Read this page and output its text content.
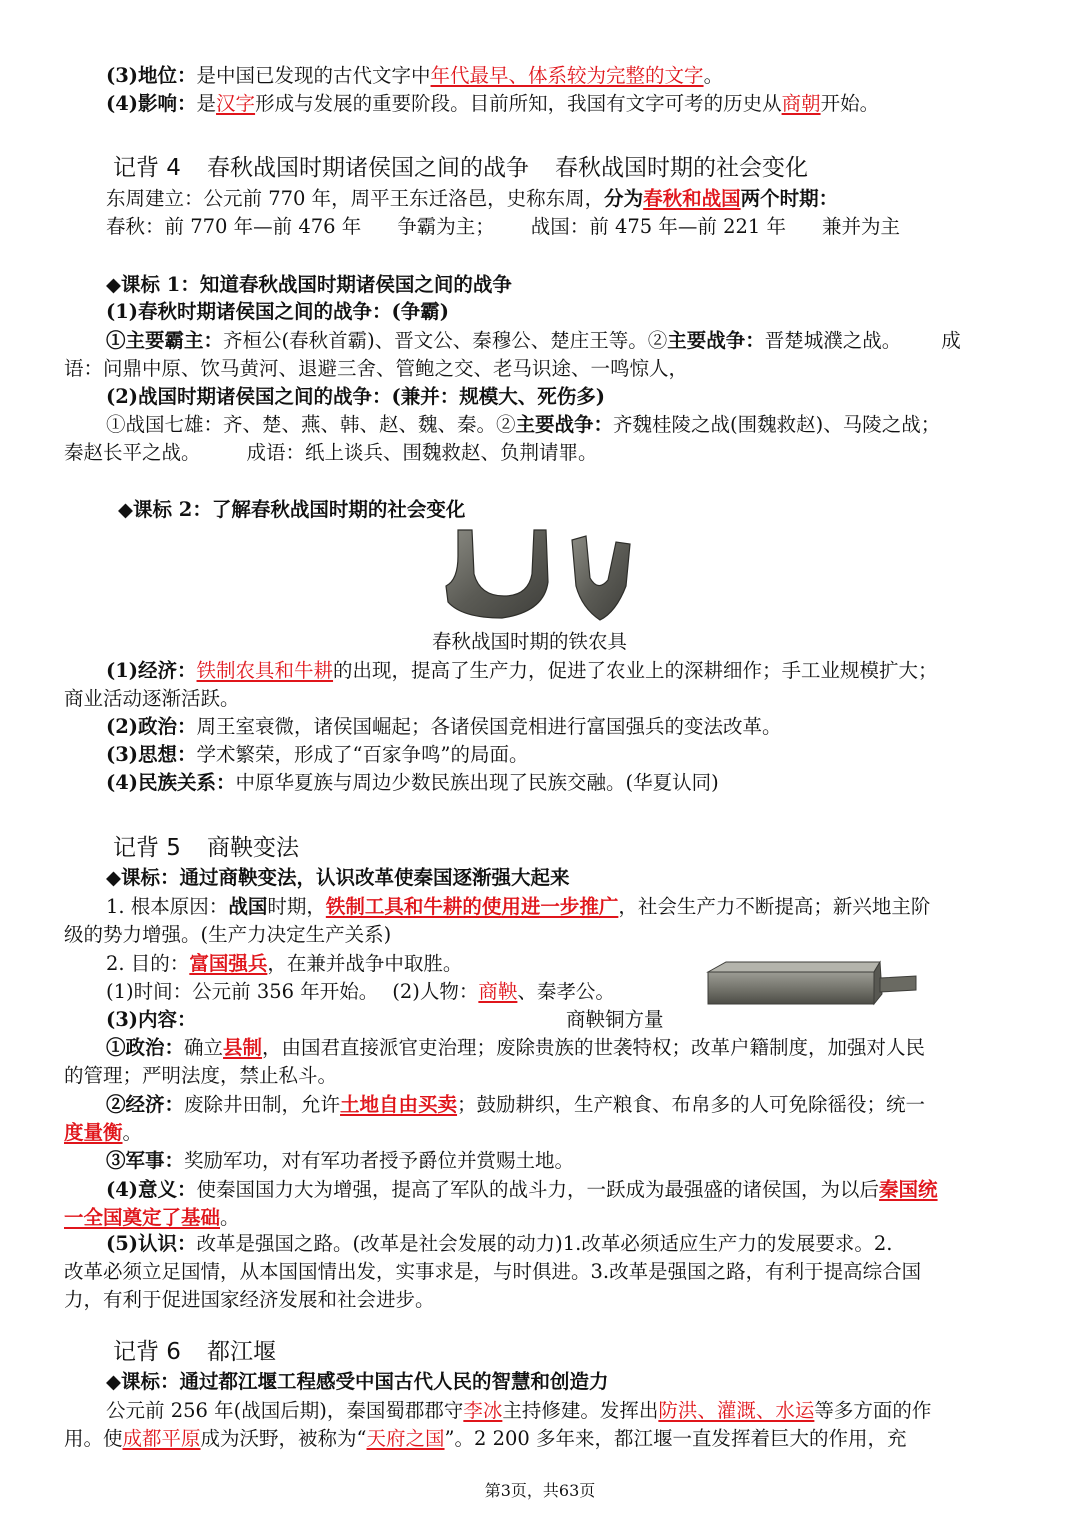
(3)地位：是中国已发现的古代文字中年代最早、体系较为完整的文字。
(4)影响：是汉字形成与发展的重要阶段。目前所知，我国有文字可考的历史从商朝开始。
记背 4 春秋战国时期诸侯国之间的战争 春秋战国时期的社会变化
东周建立：公元前 770 年，周平王东迁洛邑，史称东周，分为春秋和战国两个时期：
春秋：前 770 年—前 476 年 争霸为主； 战国：前 475 年—前 221 年 兼并为主
◆课标 1：知道春秋战国时期诸侯国之间的战争
(1)春秋时期诸侯国之间的战争：(争霸)
①主要霸主：齐桓公(春秋首霸)、晋文公、秦穆公、楚庄王等。②主要战争：晋楚城濮之战。 成
语：问鼎中原、饮马黄河、退避三舍、管鲍之交、老马识途、一鸣惊人，
(2)战国时期诸侯国之间的战争：(兼并：规模大、死伤多)
①战国七雄：齐、楚、燕、韩、赵、魏、秦。②主要战争：齐魏桂陵之战(围魏救赵)、马陵之战；
秦赵长平之战。 成语：纸上谈兵、围魏救赵、负荆请罪。
◆课标 2：了解春秋战国时期的社会变化
春秋战国时期的铁农具
(1)经济：铁制农具和牛耕的出现，提高了生产力，促进了农业上的深耕细作；手工业规模扩大；
商业活动逐渐活跃。
(2)政治：周王室衰微，诸侯国崛起；各诸侯国竞相进行富国强兵的变法改革。
(3)思想：学术繁荣，形成了“百家争鸣”的局面。
(4)民族关系：中原华夏族与周边少数民族出现了民族交融。(华夏认同)
记背 5 商鞅变法
◆课标：通过商鞅变法，认识改革使秦国逐渐强大起来
1. 根本原因：战国时期，铁制工具和牛耕的使用进一步推广，社会生产力不断提高；新兴地主阶
级的势力增强。(生产力决定生产关系)
2. 目的：富国强兵，在兼并战争中取胜。
(1)时间：公元前 356 年开始。 (2)人物：商鞅、秦孝公。
(3)内容：	商鞅铜方量
①政治：确立县制，由国君直接派官吏治理；废除贵族的世袭特权；改革户籍制度，加强对人民
的管理；严明法度，禁止私斗。
②经济：废除井田制，允许土地自由买卖；鼓励耕织，生产粮食、布帛多的人可免除徭役；统一
度量衡。
③军事：奖励军功，对有军功者授予爵位并赏赐土地。
(4)意义：使秦国国力大为增强，提高了军队的战斗力，一跃成为最强盛的诸侯国，为以后秦国统
一全国奠定了基础。
(5)认识：改革是强国之路。(改革是社会发展的动力)1.改革必须适应生产力的发展要求。2.
改革必须立足国情，从本国国情出发，实事求是，与时俱进。3.改革是强国之路，有利于提高综合国
力，有利于促进国家经济发展和社会进步。
记背 6 都江堰
◆课标：通过都江堰工程感受中国古代人民的智慧和创造力
公元前 256 年(战国后期)，秦国蜀郡郡守李冰主持修建。发挥出防洪、灌溉、水运等多方面的作
用。使成都平原成为沃野，被称为“天府之国”。2 200 多年来，都江堰一直发挥着巨大的作用，充
第3页，共63页
